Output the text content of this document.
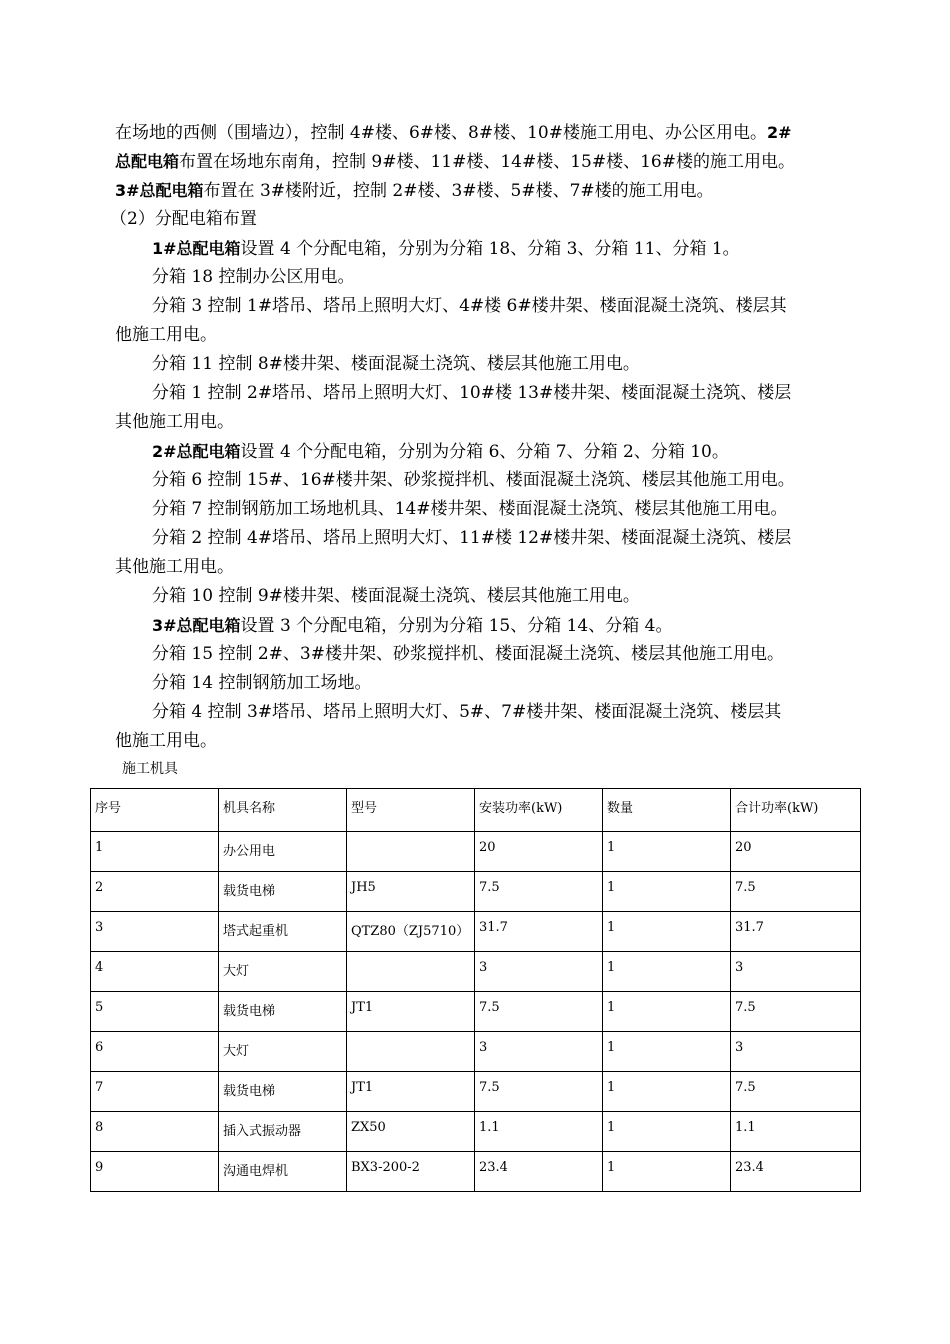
在场地的西侧（围墙边），控制 4#楼、6#楼、8#楼、10#楼施工用电、办公区用电。2#

总配电箱布置在场地东南角，控制 9#楼、11#楼、14#楼、15#楼、16#楼的施工用电。

3#总配电箱布置在 3#楼附近，控制 2#楼、3#楼、5#楼、7#楼的施工用电。

（2）分配电箱布置

1#总配电箱设置 4 个分配电箱，分别为分箱 18、分箱 3、分箱 11、分箱 1。

分箱 18 控制办公区用电。

分箱 3 控制 1#塔吊、塔吊上照明大灯、4#楼 6#楼井架、楼面混凝土浇筑、楼层其

他施工用电。

分箱 11 控制 8#楼井架、楼面混凝土浇筑、楼层其他施工用电。

分箱 1 控制 2#塔吊、塔吊上照明大灯、10#楼 13#楼井架、楼面混凝土浇筑、楼层

其他施工用电。

2#总配电箱设置 4 个分配电箱，分别为分箱 6、分箱 7、分箱 2、分箱 10。

分箱 6 控制 15#、16#楼井架、砂浆搅拌机、楼面混凝土浇筑、楼层其他施工用电。

分箱 7 控制钢筋加工场地机具、14#楼井架、楼面混凝土浇筑、楼层其他施工用电。

分箱 2 控制 4#塔吊、塔吊上照明大灯、11#楼 12#楼井架、楼面混凝土浇筑、楼层

其他施工用电。

分箱 10 控制 9#楼井架、楼面混凝土浇筑、楼层其他施工用电。

3#总配电箱设置 3 个分配电箱，分别为分箱 15、分箱 14、分箱 4。

分箱 15 控制 2#、3#楼井架、砂浆搅拌机、楼面混凝土浇筑、楼层其他施工用电。

分箱 14 控制钢筋加工场地。

分箱 4 控制 3#塔吊、塔吊上照明大灯、5#、7#楼井架、楼面混凝土浇筑、楼层其

他施工用电。

施工机具
序号	机具名称	型号	安装功率(kW)	数量	合计功率(kW)
1	办公用电		20	1	20
2	载货电梯	JH5	7.5	1	7.5
3	塔式起重机	QTZ80（ZJ5710）	31.7	1	31.7
4	大灯		3	1	3
5	载货电梯	JT1	7.5	1	7.5
6	大灯		3	1	3
7	载货电梯	JT1	7.5	1	7.5
8	插入式振动器	ZX50	1.1	1	1.1
9	沟通电焊机	BX3-200-2	23.4	1	23.4
